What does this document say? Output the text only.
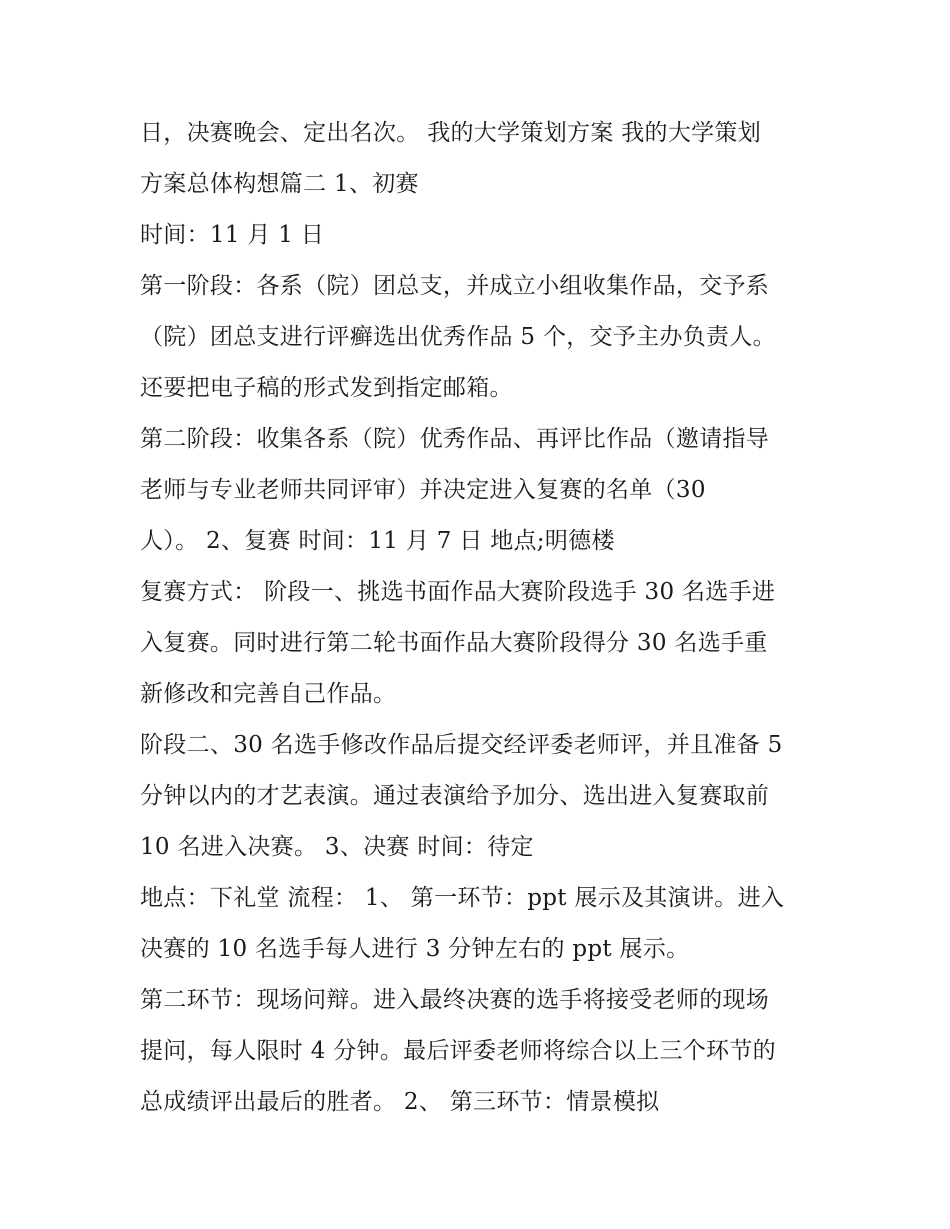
日，决赛晚会、定出名次。 我的大学策划方案 我的大学策划
方案总体构想篇二 1、初赛
时间：11 月 1 日
第一阶段：各系（院）团总支，并成立小组收集作品，交予系
（院）团总支进行评癣选出优秀作品 5 个，交予主办负责人。
还要把电子稿的形式发到指定邮箱。
第二阶段：收集各系（院）优秀作品、再评比作品（邀请指导
老师与专业老师共同评审）并决定进入复赛的名单（30
人）。 2、复赛 时间：11 月 7 日 地点;明德楼
复赛方式： 阶段一、挑选书面作品大赛阶段选手 30 名选手进
入复赛。同时进行第二轮书面作品大赛阶段得分 30 名选手重
新修改和完善自己作品。
阶段二、30 名选手修改作品后提交经评委老师评，并且准备 5
分钟以内的才艺表演。通过表演给予加分、选出进入复赛取前
10 名进入决赛。 3、决赛 时间：待定
地点：下礼堂 流程： 1、 第一环节：ppt 展示及其演讲。进入
决赛的 10 名选手每人进行 3 分钟左右的 ppt 展示。
第二环节：现场问辩。进入最终决赛的选手将接受老师的现场
提问，每人限时 4 分钟。最后评委老师将综合以上三个环节的
总成绩评出最后的胜者。 2、 第三环节：情景模拟
